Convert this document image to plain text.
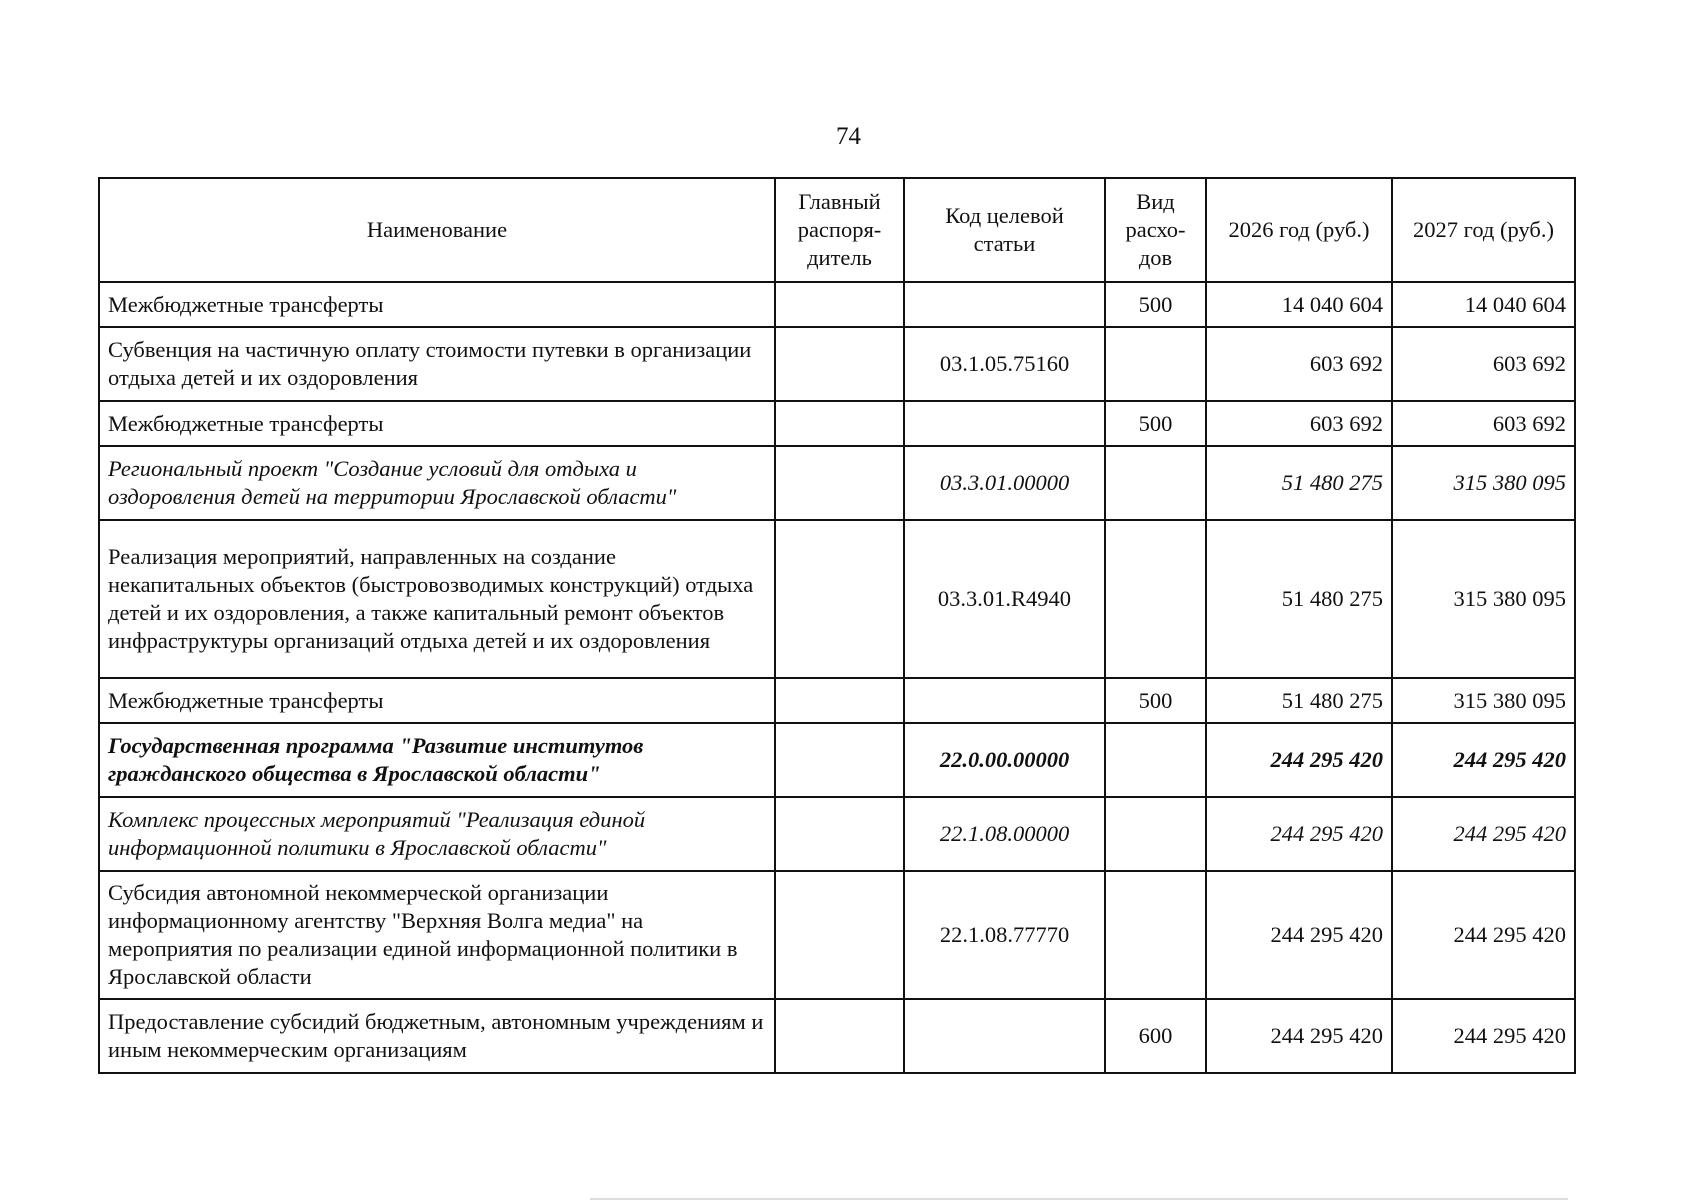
74
Наименование	Главный распоря-дитель	Код целевой статьи	Вид расхо-дов	2026 год (руб.)	2027 год (руб.)
Межбюджетные трансферты			500	14 040 604	14 040 604
Субвенция на частичную оплату стоимости путевки в организации отдыха детей и их оздоровления		03.1.05.75160		603 692	603 692
Межбюджетные трансферты			500	603 692	603 692
Региональный проект "Создание условий для отдыха и оздоровления детей на территории Ярославской области"		03.3.01.00000		51 480 275	315 380 095
Реализация мероприятий, направленных на создание некапитальных объектов (быстровозводимых конструкций) отдыха детей и их оздоровления, а также капитальный ремонт объектов инфраструктуры организаций отдыха детей и их оздоровления		03.3.01.R4940		51 480 275	315 380 095
Межбюджетные трансферты			500	51 480 275	315 380 095
Государственная программа "Развитие институтов гражданского общества в Ярославской области"		22.0.00.00000		244 295 420	244 295 420
Комплекс процессных мероприятий "Реализация единой информационной политики в Ярославской области"		22.1.08.00000		244 295 420	244 295 420
Субсидия автономной некоммерческой организации информационному агентству "Верхняя Волга медиа" на мероприятия по реализации единой информационной политики в Ярославской области		22.1.08.77770		244 295 420	244 295 420
Предоставление субсидий бюджетным, автономным учреждениям и иным некоммерческим организациям			600	244 295 420	244 295 420
